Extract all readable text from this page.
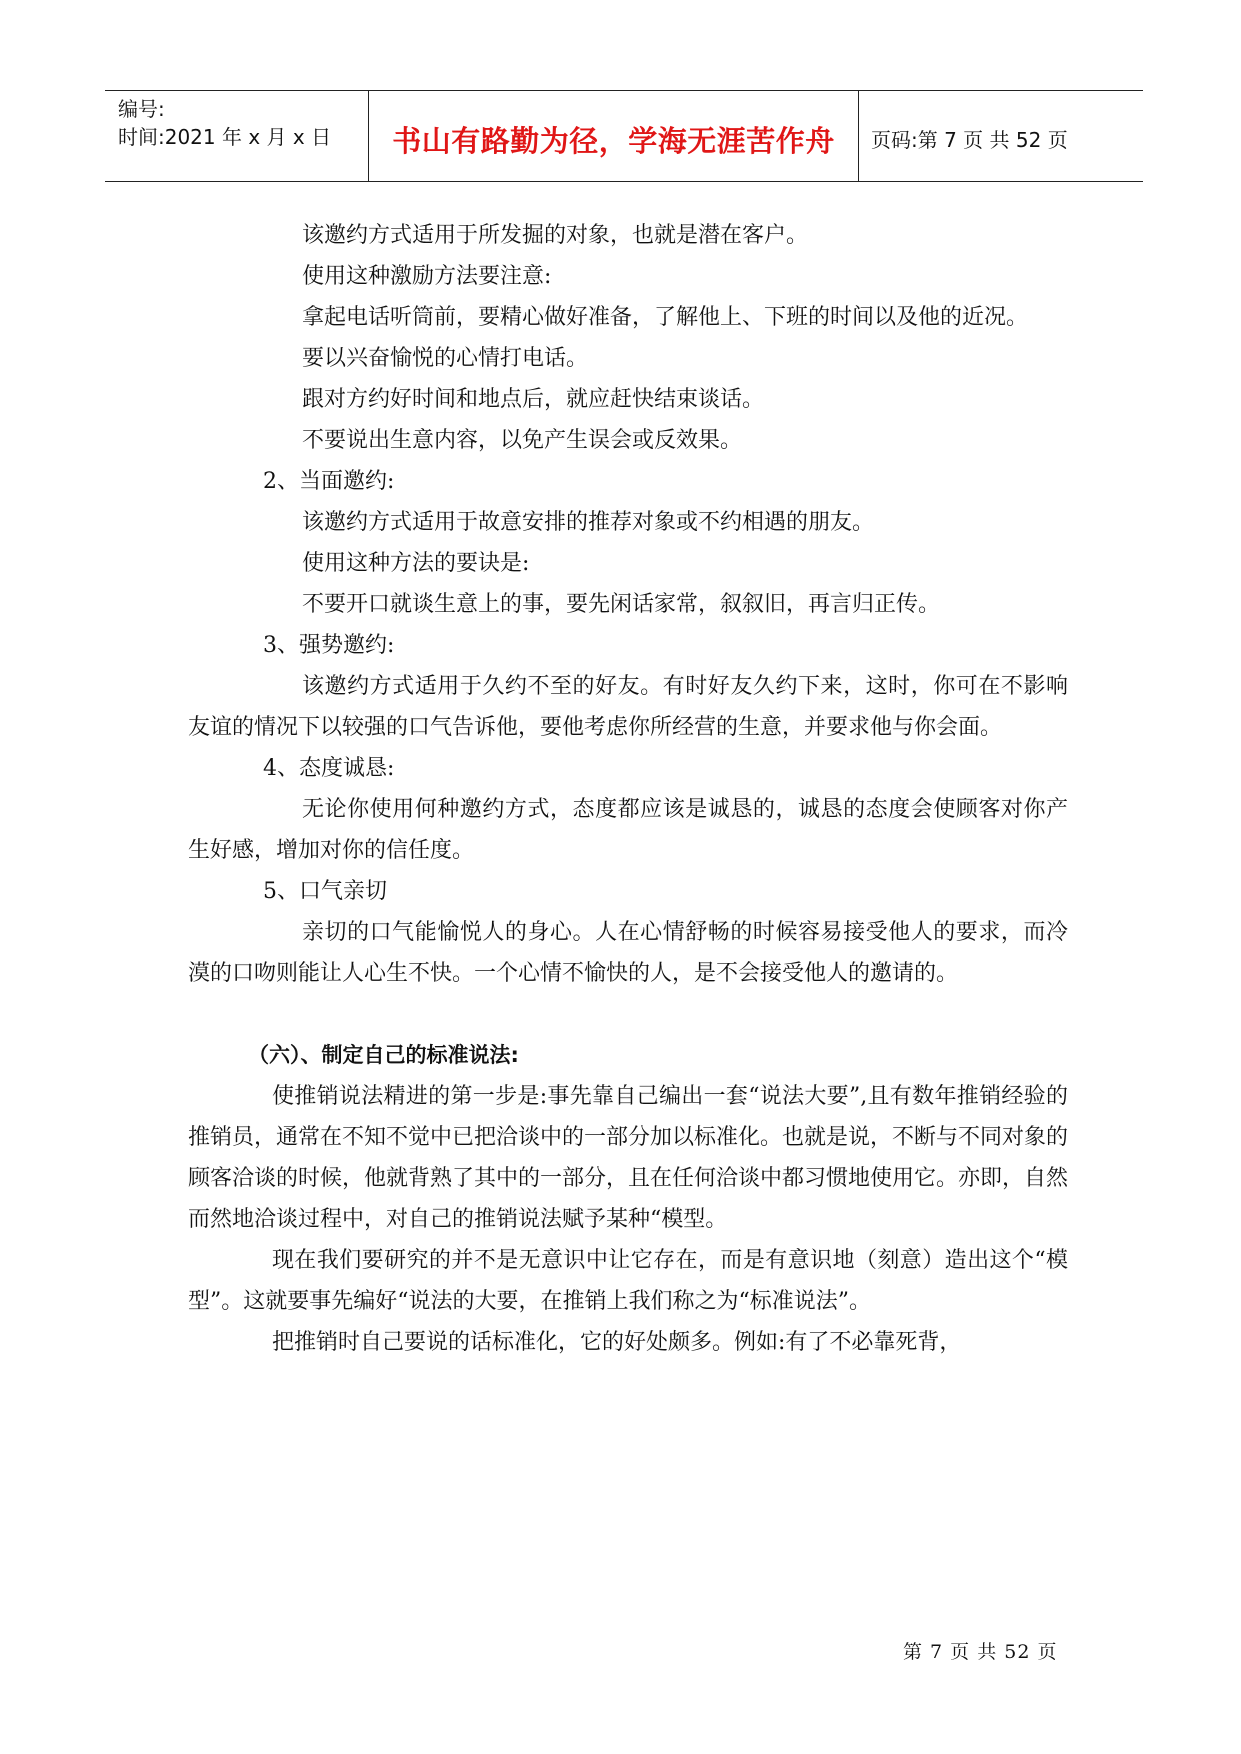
编号:
时间:2021 年 x 月 x 日	书山有路勤为径，学海无涯苦作舟	页码:第 7 页 共 52 页

该邀约方式适用于所发掘的对象，也就是潜在客户。

使用这种激励方法要注意:

拿起电话听筒前，要精心做好准备，了解他上、下班的时间以及他的近况。

要以兴奋愉悦的心情打电话。

跟对方约好时间和地点后，就应赶快结束谈话。

不要说出生意内容，以免产生误会或反效果。

2、当面邀约:

该邀约方式适用于故意安排的推荐对象或不约相遇的朋友。

使用这种方法的要诀是:

不要开口就谈生意上的事，要先闲话家常，叙叙旧，再言归正传。

3、强势邀约:

该邀约方式适用于久约不至的好友。有时好友久约下来，这时，你可在不影响友谊的情况下以较强的口气告诉他，要他考虑你所经营的生意，并要求他与你会面。

4、态度诚恳:

无论你使用何种邀约方式，态度都应该是诚恳的，诚恳的态度会使顾客对你产生好感，增加对你的信任度。

5、口气亲切

亲切的口气能愉悦人的身心。人在心情舒畅的时候容易接受他人的要求，而冷漠的口吻则能让人心生不快。一个心情不愉快的人，是不会接受他人的邀请的。

（六）、制定自己的标准说法:

使推销说法精进的第一步是:事先靠自己编出一套“说法大要”,且有数年推销经验的推销员，通常在不知不觉中已把洽谈中的一部分加以标准化。也就是说，不断与不同对象的顾客洽谈的时候，他就背熟了其中的一部分，且在任何洽谈中都习惯地使用它。亦即，自然而然地洽谈过程中，对自己的推销说法赋予某种“模型。

现在我们要研究的并不是无意识中让它存在，而是有意识地（刻意）造出这个“模型”。这就要事先编好“说法的大要，在推销上我们称之为“标准说法”。

把推销时自己要说的话标准化，它的好处颇多。例如:有了不必靠死背，

第 7 页 共 52 页
